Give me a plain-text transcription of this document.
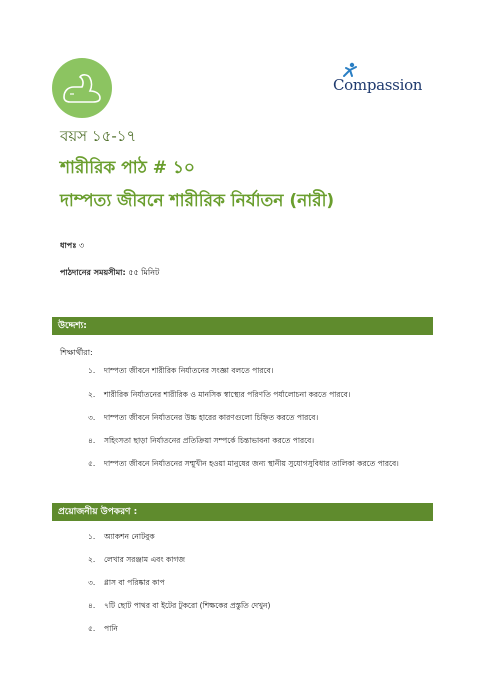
Compassion
বয়স ১৫-১৭
শারীরিক পাঠ # ১০
দাম্পত্য জীবনে শারীরিক নির্যাতন (নারী)
ধাপঃ ৩
পাঠদানের সময়সীমা: ৫৫ মিনিট
উদ্দেশ্য:
শিক্ষার্থীরা:
১. দাম্পত্য জীবনে শারীরিক নির্যাতনের সংজ্ঞা বলতে পারবে।
২. শারীরিক নির্যাতনের শারীরিক ও মানসিক স্বাস্থ্যের পরিণতি পর্যালোচনা করতে পারবে।
৩. দাম্পত্য জীবনে নির্যাতনের উচ্চ হারের কারণগুলো চিহ্নিত করতে পারবে।
৪. সহিংসতা ছাড়া নির্যাতনের প্রতিক্রিয়া সম্পর্কে চিন্তাভাবনা করতে পারবে।
৫. দাম্পত্য জীবনে নির্যাতনের সম্মুখীন হওয়া মানুষের জন্য স্থানীয় সুযোগসুবিধার তালিকা করতে পারবে।
প্রয়োজনীয় উপকরণ :
১. অ্যাকশন নোটবুক
২. লেখার সরঞ্জাম এবং কাগজ
৩. গ্লাস বা পরিষ্কার কাপ
৪. ৭টি ছোট পাথর বা ইটের টুকরো (শিক্ষকের প্রস্তুতি দেখুন)
৫. পানি
